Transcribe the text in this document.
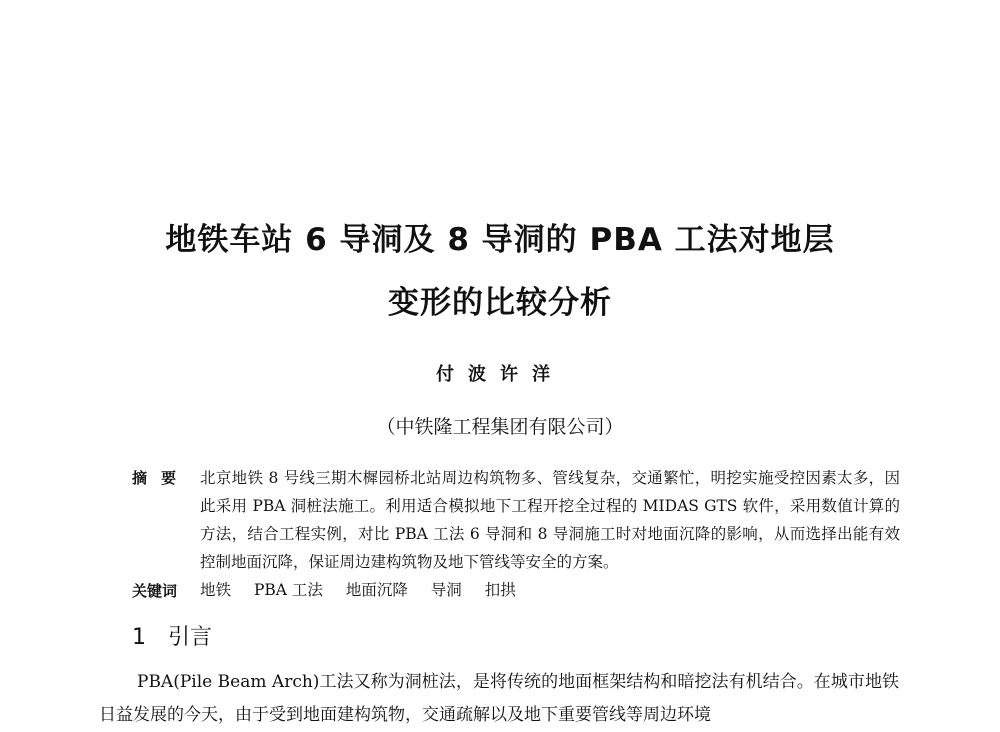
地铁车站 6 导洞及 8 导洞的 PBA 工法对地层
变形的比较分析
付波许洋
（中铁隆工程集团有限公司）
摘要 北京地铁 8 号线三期木樨园桥北站周边构筑物多、管线复杂，交通繁忙，明挖实施受控因素太多，因此采用 PBA 洞桩法施工。利用适合模拟地下工程开挖全过程的 MIDAS GTS 软件，采用数值计算的方法，结合工程实例，对比 PBA 工法 6 导洞和 8 导洞施工时对地面沉降的影响，从而选择出能有效控制地面沉降，保证周边建构筑物及地下管线等安全的方案。
关键词 地铁 PBA 工法 地面沉降 导洞 扣拱
1 引言

PBA(Pile Beam Arch)工法又称为洞桩法，是将传统的地面框架结构和暗挖法有机结合。在城市地铁日益发展的今天，由于受到地面建构筑物，交通疏解以及地下重要管线等周边环境
